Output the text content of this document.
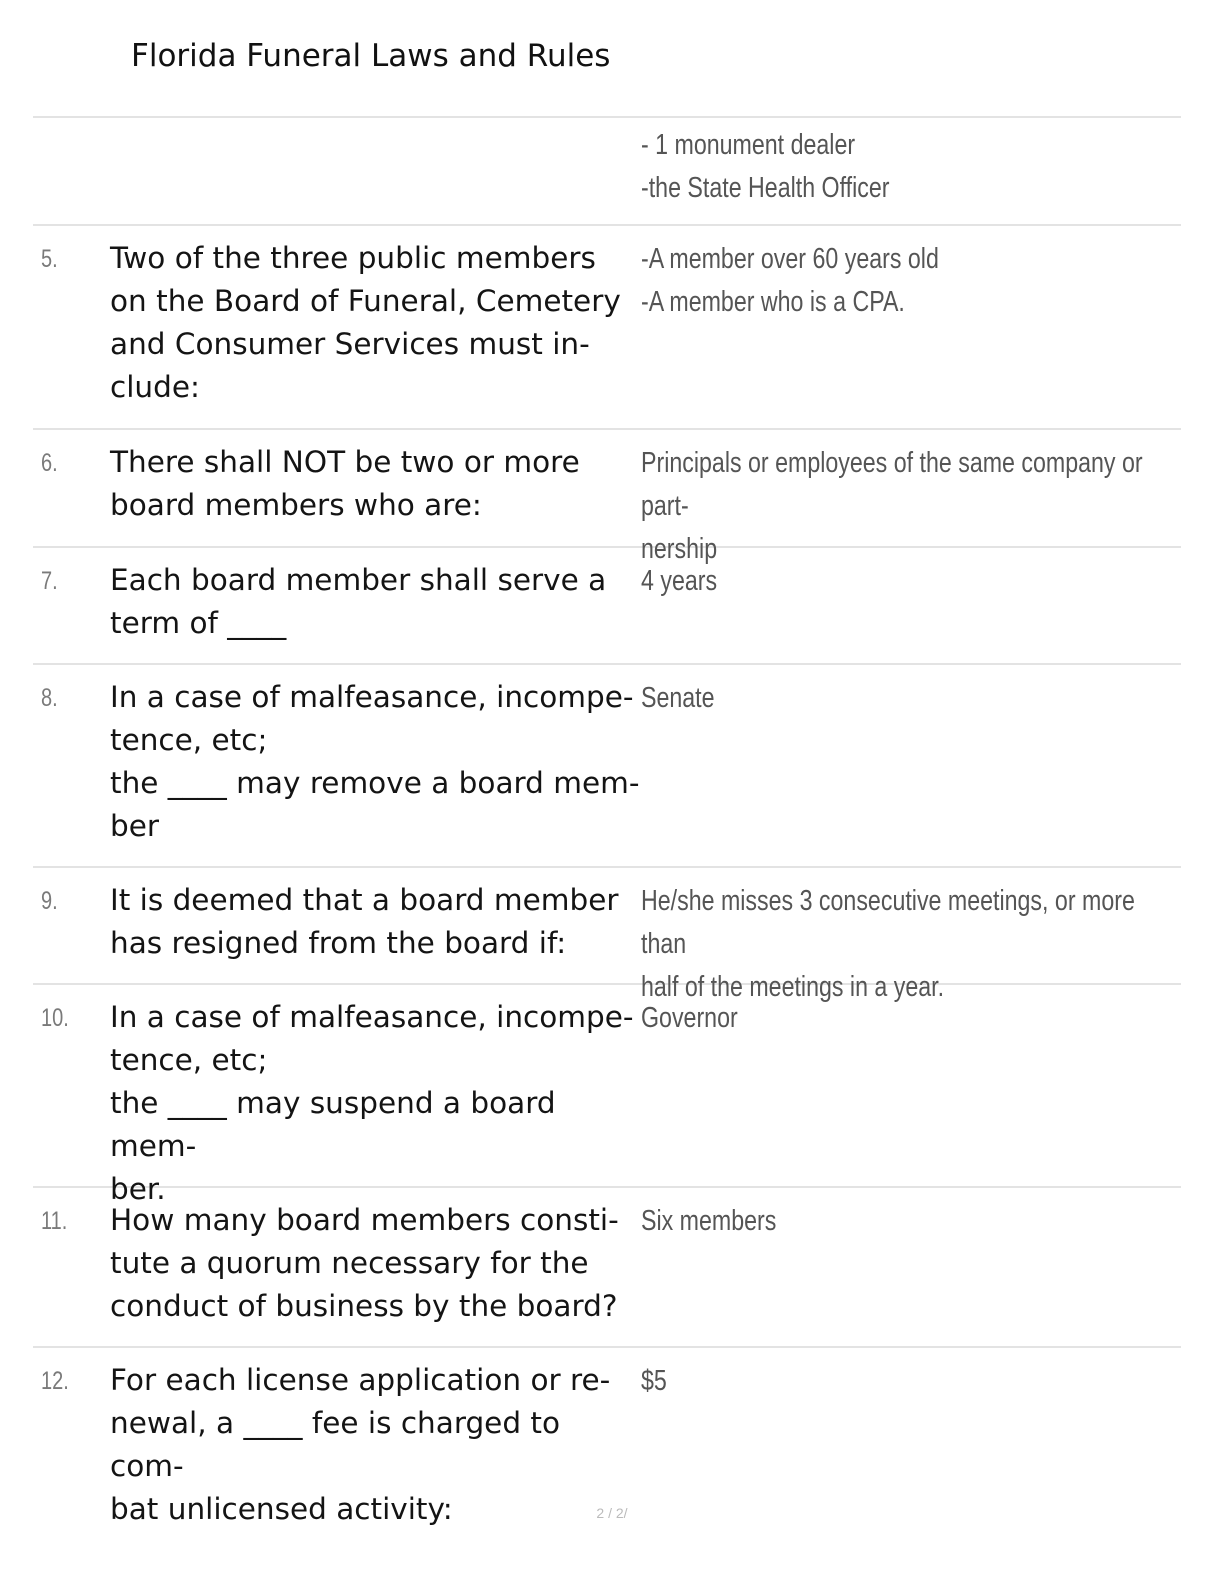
Florida Funeral Laws and Rules
- 1 monument dealer
-the State Health Officer
5. Two of the three public members
on the Board of Funeral, Cemetery
and Consumer Services must in-
clude:
-A member over 60 years old
-A member who is a CPA.
6. There shall NOT be two or more
board members who are:
Principals or employees of the same company or part-
nership
7. Each board member shall serve a
term of ____
4 years
8. In a case of malfeasance, incompe-
tence, etc;
the ____ may remove a board mem-
ber
Senate
9. It is deemed that a board member
has resigned from the board if:
He/she misses 3 consecutive meetings, or more than
half of the meetings in a year.
10. In a case of malfeasance, incompe-
tence, etc;
the ____ may suspend a board mem-
ber.
Governor
11. How many board members consti-
tute a quorum necessary for the
conduct of business by the board?
Six members
12. For each license application or re-
newal, a ____ fee is charged to com-
bat unlicensed activity:
$5
2 / 2/
